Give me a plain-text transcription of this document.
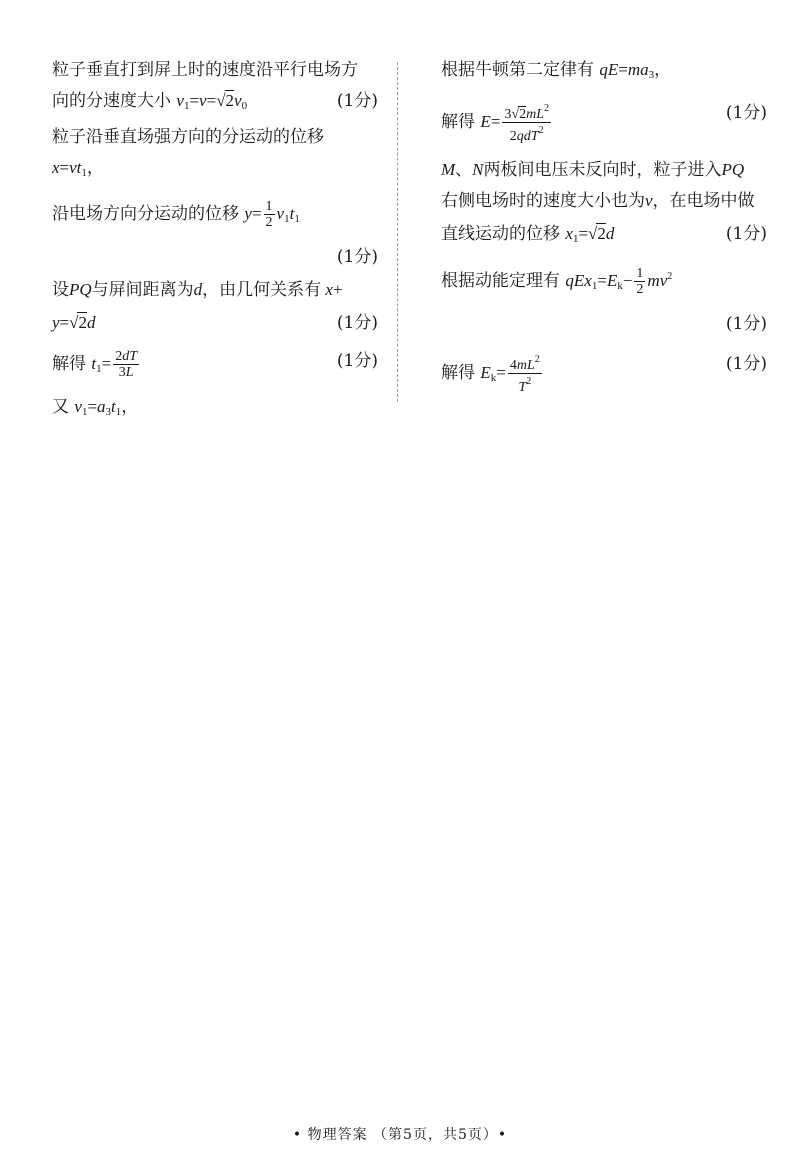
粒子垂直打到屏上时的速度沿平行电场方
向的分速度大小 $v_1=v=√2v_0$	(1分)
粒子沿垂直场强方向的分运动的位移
$x=vt_1$，
沿电场方向分运动的位移 $y= \frac{1}{2} v_1t_1$
(1分)
设PQ与屏间距离为d，由几何关系有 x+
y=√2d	(1分)
解得 $t_1= \frac{2dT}{3L}$	(1分)
又 $v_1=a_3t_1$，
根据牛顿第二定律有 $qE=ma_3$，
解得 $E= \frac{3√2mL^2}{2qdT^2}$	(1分)
M、N两板间电压未反向时，粒子进入PQ
右侧电场时的速度大小也为v，在电场中做
直线运动的位移 $x_1=√2d$	(1分)
根据动能定理有 $qEx_1=E_k- \frac{1}{2} mv^2$
(1分)
解得 $E_k= \frac{4mL^2}{T^2}$	(1分)
• 物理答案 （第5页，共5页）•
